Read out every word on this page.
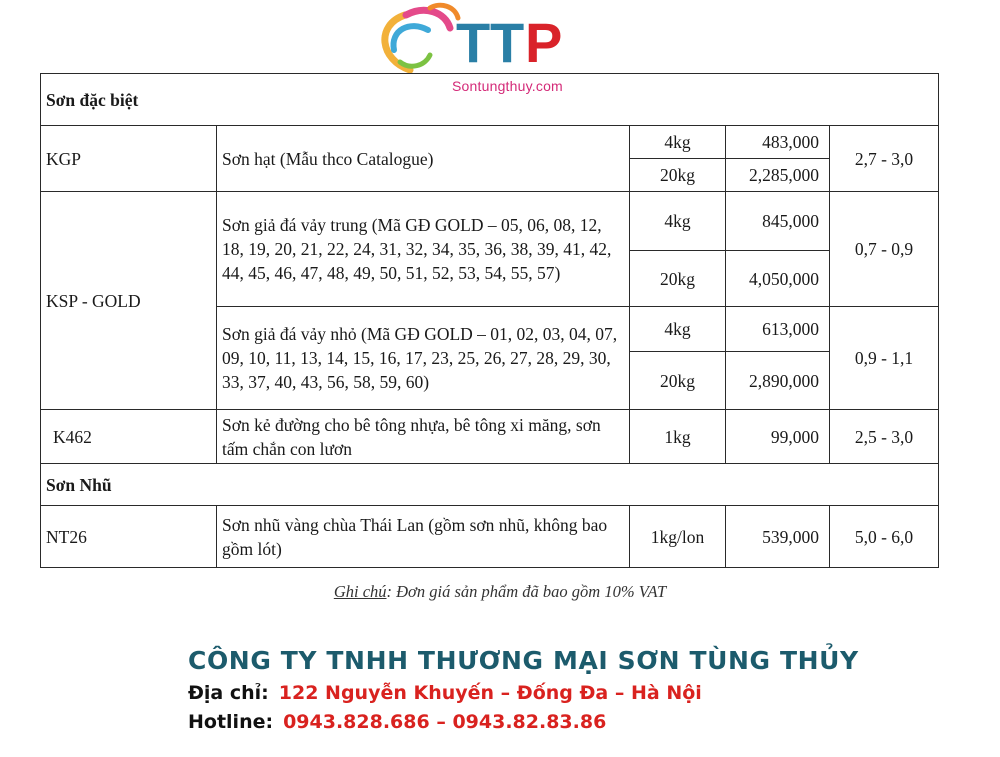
T T P
Sontungthuy.com
Sơn đặc biệt				
KGP	Sơn hạt (Mẫu thco Catalogue)	4kg	483,000	2,7 - 3,0
		20kg	2,285,000	
KSP - GOLD	Sơn giả đá vảy trung (Mã GĐ GOLD – 05, 06, 08, 12, 18, 19, 20, 21, 22, 24, 31, 32, 34, 35, 36, 38, 39, 41, 42, 44, 45, 46, 47, 48, 49, 50, 51, 52, 53, 54, 55, 57)	4kg	845,000	0,7 - 0,9
		20kg	4,050,000	
	Sơn giả đá vảy nhỏ (Mã GĐ GOLD – 01, 02, 03, 04, 07, 09, 10, 11, 13, 14, 15, 16, 17, 23, 25, 26, 27, 28, 29, 30, 33, 37, 40, 43, 56, 58, 59, 60)	4kg	613,000	0,9 - 1,1
		20kg	2,890,000	
K462	Sơn kẻ đường cho bê tông nhựa, bê tông xi măng, sơn tấm chắn con lươn	1kg	99,000	2,5 - 3,0
Sơn Nhũ				
NT26	Sơn nhũ vàng chùa Thái Lan (gồm sơn nhũ, không bao gồm lót)	1kg/lon	539,000	5,0 - 6,0
Ghi chú: Đơn giá sản phẩm đã bao gồm 10% VAT
CÔNG TY TNHH THƯƠNG MẠI SƠN TÙNG THỦY
Địa chỉ: 122 Nguyễn Khuyến – Đống Đa – Hà Nội
Hotline: 0943.828.686 – 0943.82.83.86
